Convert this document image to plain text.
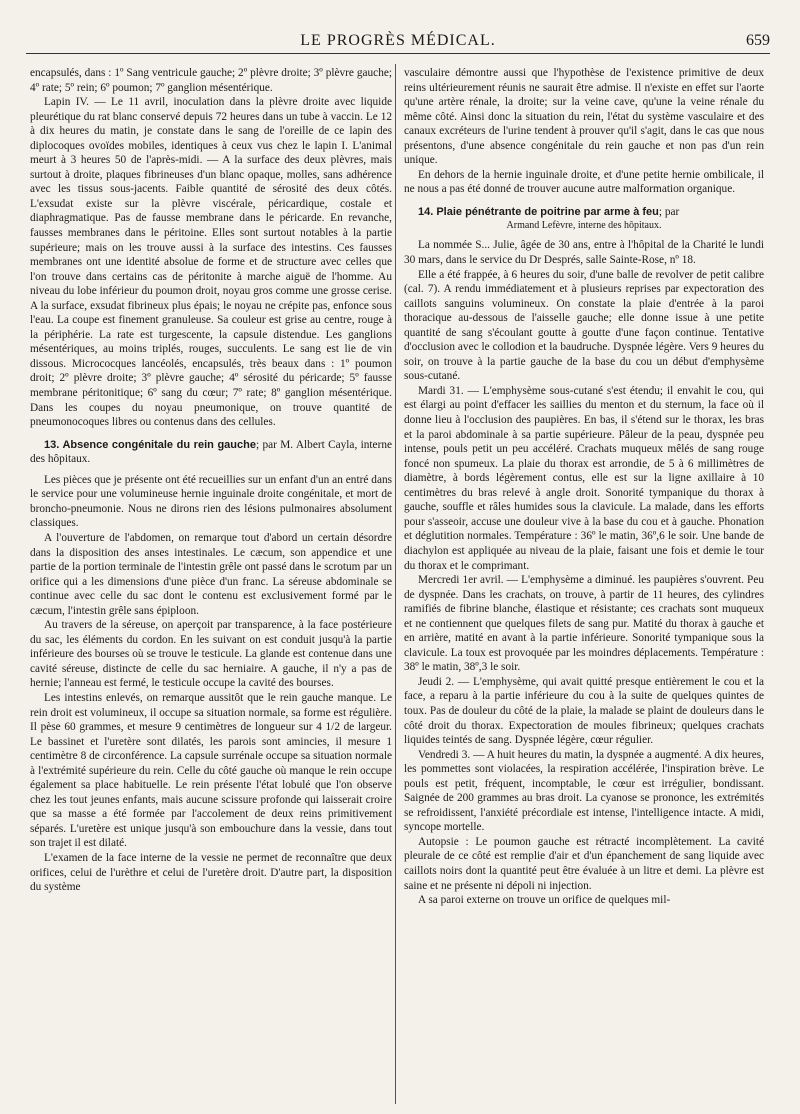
LE PROGRÈS MÉDICAL.	659

encapsulés, dans : 1º Sang ventricule gauche; 2º plèvre droite; 3º plèvre gauche; 4º rate; 5º rein; 6º poumon; 7º ganglion mésentérique.

Lapin IV. — Le 11 avril, inoculation dans la plèvre droite avec liquide pleurétique du rat blanc conservé depuis 72 heures dans un tube à vaccin. Le 12 à dix heures du matin, je constate dans le sang de l'oreille de ce lapin des diplocoques ovoïdes mobiles, identiques à ceux vus chez le lapin I. L'animal meurt à 3 heures 50 de l'après-midi. — A la surface des deux plèvres, mais surtout à droite, plaques fibrineuses d'un blanc opaque, molles, sans adhérence avec les tissus sous-jacents. Faible quantité de sérosité des deux côtés. L'exsudat existe sur la plèvre viscérale, péricardique, costale et diaphragmatique. Pas de fausse membrane dans le péricarde. En revanche, fausses membranes dans le péritoine. Elles sont surtout notables à la partie supérieure; mais on les trouve aussi à la surface des intestins. Ces fausses membranes ont une identité absolue de forme et de structure avec celles que l'on trouve dans certains cas de péritonite à marche aiguë de l'homme. Au niveau du lobe inférieur du poumon droit, noyau gros comme une grosse cerise. A la surface, exsudat fibrineux plus épais; le noyau ne crépite pas, enfonce sous l'eau. La coupe est finement granuleuse. Sa couleur est grise au centre, rouge à la périphérie. La rate est turgescente, la capsule distendue. Les ganglions mésentériques, au moins triplés, rouges, succulents. Le sang est lie de vin dissous. Micrococques lancéolés, encapsulés, très beaux dans : 1º poumon droit; 2º plèvre droite; 3º plèvre gauche; 4º sérosité du péricarde; 5º fausse membrane péritonitique; 6º sang du cœur; 7º rate; 8º ganglion mésentérique. Dans les coupes du noyau pneumonique, on trouve quantité de pneumonocoques libres ou contenus dans des cellules.

13. Absence congénitale du rein gauche; par M. Albert Cayla, interne des hôpitaux.

Les pièces que je présente ont été recueillies sur un enfant d'un an entré dans le service pour une volumineuse hernie inguinale droite congénitale, et mort de broncho-pneumonie. Nous ne dirons rien des lésions pulmonaires absolument classiques.

A l'ouverture de l'abdomen, on remarque tout d'abord un certain désordre dans la disposition des anses intestinales. Le cæcum, son appendice et une partie de la portion terminale de l'intestin grêle ont passé dans le scrotum par un orifice qui a les dimensions d'une pièce d'un franc. La séreuse abdominale se continue avec celle du sac dont le contenu est exclusivement formé par le cæcum, l'intestin grêle sans épiploon.

Au travers de la séreuse, on aperçoit par transparence, à la face postérieure du sac, les éléments du cordon. En les suivant on est conduit jusqu'à la partie inférieure des bourses où se trouve le testicule. La glande est contenue dans une cavité séreuse, distincte de celle du sac herniaire. A gauche, il n'y a pas de hernie; l'anneau est fermé, le testicule occupe la cavité des bourses.

Les intestins enlevés, on remarque aussitôt que le rein gauche manque. Le rein droit est volumineux, il occupe sa situation normale, sa forme est régulière. Il pèse 60 grammes, et mesure 9 centimètres de longueur sur 4 1/2 de largeur. Le bassinet et l'uretère sont dilatés, les parois sont amincies, il mesure 1 centimètre 8 de circonférence. La capsule surrénale occupe sa situation normale à l'extrémité supérieure du rein. Celle du côté gauche où manque le rein occupe également sa place habituelle. Le rein présente l'état lobulé que l'on observe chez les tout jeunes enfants, mais aucune scissure profonde qui laisserait croire que sa masse a été formée par l'accolement de deux reins primitivement séparés. L'uretère est unique jusqu'à son embouchure dans la vessie, dans tout son trajet il est dilaté.

L'examen de la face interne de la vessie ne permet de reconnaître que deux orifices, celui de l'urèthre et celui de l'uretère droit. D'autre part, la disposition du système

vasculaire démontre aussi que l'hypothèse de l'existence primitive de deux reins ultérieurement réunis ne saurait être admise. Il n'existe en effet sur l'aorte qu'une artère rénale, la droite; sur la veine cave, qu'une la veine rénale du même côté. Ainsi donc la situation du rein, l'état du système vasculaire et des canaux excréteurs de l'urine tendent à prouver qu'il s'agit, dans le cas que nous présentons, d'une absence congénitale du rein gauche et non pas d'un rein unique.

En dehors de la hernie inguinale droite, et d'une petite hernie ombilicale, il ne nous a pas été donné de trouver aucune autre malformation organique.

14. Plaie pénétrante de poitrine par arme à feu; par
Armand Lefèvre, interne des hôpitaux.

La nommée S... Julie, âgée de 30 ans, entre à l'hôpital de la Charité le lundi 30 mars, dans le service du Dr Després, salle Sainte-Rose, nº 18.

Elle a été frappée, à 6 heures du soir, d'une balle de revolver de petit calibre (cal. 7). A rendu immédiatement et à plusieurs reprises par expectoration des caillots sanguins volumineux. On constate la plaie d'entrée à la paroi thoracique au-dessous de l'aisselle gauche; elle donne issue à une petite quantité de sang s'écoulant goutte à goutte d'une façon continue. Tentative d'occlusion avec le collodion et la baudruche. Dyspnée légère. Vers 9 heures du soir, on trouve à la partie gauche de la base du cou un début d'emphysème sous-cutané.

Mardi 31. — L'emphysème sous-cutané s'est étendu; il envahit le cou, qui est élargi au point d'effacer les saillies du menton et du sternum, la face où il donne lieu à l'occlusion des paupières. En bas, il s'étend sur le thorax, les bras et la paroi abdominale à sa partie supérieure. Pâleur de la peau, dyspnée peu intense, pouls petit un peu accéléré. Crachats muqueux mêlés de sang rouge foncé non spumeux. La plaie du thorax est arrondie, de 5 à 6 millimètres de diamètre, à bords légèrement contus, elle est sur la ligne axillaire à 10 centimètres du bras relevé à angle droit. Sonorité tympanique du thorax à gauche, souffle et râles humides sous la clavicule. La malade, dans les efforts pour s'asseoir, accuse une douleur vive à la base du cou et à gauche. Phonation et déglutition normales. Température : 36º le matin, 36º,6 le soir. Une bande de diachylon est appliquée au niveau de la plaie, faisant une fois et demie le tour du thorax et le comprimant.

Mercredi 1er avril. — L'emphysème a diminué. les paupières s'ouvrent. Peu de dyspnée. Dans les crachats, on trouve, à partir de 11 heures, des cylindres ramifiés de fibrine blanche, élastique et résistante; ces crachats sont muqueux et ne contiennent que quelques filets de sang pur. Matité du thorax à gauche et en arrière, matité en avant à la partie inférieure. Sonorité tympanique sous la clavicule. La toux est provoquée par les moindres déplacements. Température : 38º le matin, 38º,3 le soir.

Jeudi 2. — L'emphysème, qui avait quitté presque entièrement le cou et la face, a reparu à la partie inférieure du cou à la suite de quelques quintes de toux. Pas de douleur du côté de la plaie, la malade se plaint de douleurs dans le côté droit du thorax. Expectoration de moules fibrineux; quelques crachats liquides teintés de sang. Dyspnée légère, cœur régulier.

Vendredi 3. — A huit heures du matin, la dyspnée a augmenté. A dix heures, les pommettes sont violacées, la respiration accélérée, l'inspiration brève. Le pouls est petit, fréquent, incomptable, le cœur est irrégulier, bondissant. Saignée de 200 grammes au bras droit. La cyanose se prononce, les extrémités se refroidissent, l'anxiété précordiale est intense, l'intelligence intacte. A midi, syncope mortelle.

Autopsie : Le poumon gauche est rétracté incomplètement. La cavité pleurale de ce côté est remplie d'air et d'un épanchement de sang liquide avec caillots noirs dont la quantité peut être évaluée à un litre et demi. La plèvre est saine et ne présente ni dépoli ni injection.

A sa paroi externe on trouve un orifice de quelques mil-
